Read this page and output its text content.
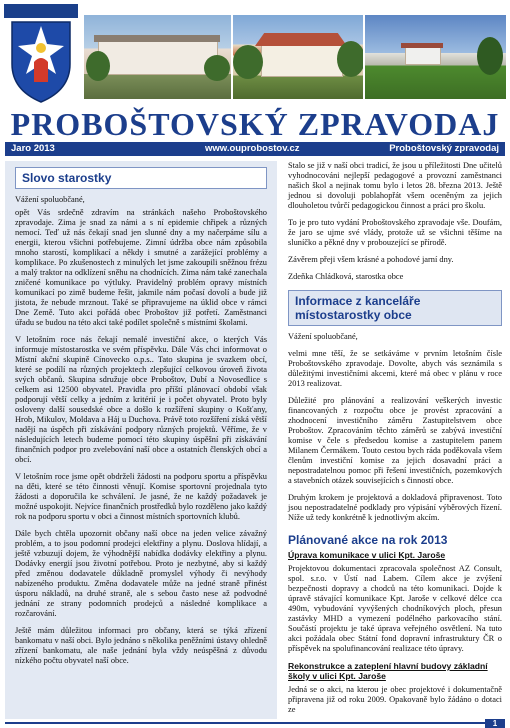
PROBOŠTOVSKÝ ZPRAVODAJ
Jaro 2013	www.ouprobostov.cz	Proboštovský zpravodaj
Slovo starostky

Vážení spoluobčané,

opět Vás srdečně zdravím na stránkách našeho Proboštovského zpravodaje. Zima je snad za námi a s ní epidemie chřipek a různých nemocí. Teď už nás čekají snad jen slunné dny a my načerpáme sílu a energii, kterou všichni potřebujeme. Zimní údržba obce nám způsobila mnoho starostí, komplikací a někdy i smutné a zarážející problémy a komplikace. Po zkušenostech z minulých let jsme zakoupili sněžnou frézu a malý traktor na odklízení sněhu na chodnících. Zima nám také zanechala zničené komunikace po výtluky. Pravidelný problém opravy místních komunikací po zimě budeme řešit, jakmile nám počasí dovolí a bude již jistota, že nebude mrznout. Také se připravujeme na úklid obce v rámci Dne Země. Tuto akci pořádá obec Proboštov již potřetí. Zaměstnanci úřadu se budou na této akci také podílet společně s místními školami.

V letošním roce nás čekají nemalé investiční akce, o kterých Vás informuje místostarostka ve svém příspěvku. Dále Vás chci informovat o Místní akční skupině Cínovecko o.p.s.. Tato skupina je svazkem obcí, které se podílí na různých projektech zlepšující celkovou úroveň života svých občanů. Skupina sdružuje obce Proboštov, Dubí a Novosedlice s celkem asi 12500 obyvatel. Pravidla pro příští plánovací období však podporují větší celky a jedním z kritérií je i počet obyvatel. Proto byly osloveny další sousedské obce a došlo k rozšíření skupiny o Košťany, Hrob, Mikulov, Moldava a Háj u Duchova. Právě toto rozšíření získá větší nadějí na úspěch při získávání podpory různých projektů. Věříme, že v následujících letech budeme pomocí této skupiny úspěšní při získávání finančních podpor pro zvelebování naší obce a ostatních členských obcí a obcí.

V letošním roce jsme opět obdrželi žádosti na podporu sportu a příspěvku na děti, které se této činnosti věnují. Komise sportovní projednala tyto žádosti a doporučila ke schválení. Je jasné, že ne každý požadavek je možné uspokojit. Nejvíce finančních prostředků bylo rozděleno jako každý rok na podporu sportu v obci a činnost místních sportovních klubů.

Dále bych chtěla upozornit občany naší obce na jeden velice závažný problém, a to jsou podomní prodejci elektřiny a plynu. Doslova hlídají, a ještě vzbuzují dojem, že výhodnější nabídka dodávky elektřiny a plynu. Dodávky energií jsou životní potřebou. Proto je nezbytné, aby si každý před změnou dodavatele důkladně promyslel výhody či nevýhody nabízeného produktu. Změna dodavatele může na jedné straně přinést úsporu nákladů, na druhé straně, ale s sebou často nese až podvodné jednání ze strany podomních prodejců a následné komplikace a rozčarování.

Ještě mám důležitou informaci pro občany, která se týká zřízení bankomatu v naší obci. Bylo jednáno s několika peněžními ústavy ohledně zřízení bankomatu, ale naše jednání byla vždy neúspěšná z důvodu nízkého počtu obyvatel naší obce.

Stalo se již v naší obci tradicí, že jsou u příležitosti Dne učitelů vyhodnocováni nejlepší pedagogové a provozní zaměstnanci našich škol a nejinak tomu bylo i letos 28. března 2013. Ještě jednou si dovoluji poblahopřát všem oceněným za jejich dlouholetou tvůrčí pedagogickou činnost a práci pro školu.

To je pro tuto vydání Proboštovského zpravodaje vše. Doufám, že jaro se ujme své vlády, protože už se všichni těšíme na sluníčko a pěkné dny v probouzející se přírodě.

Závěrem přeji všem krásné a pohodové jarní dny.

Zdeňka Chládková, starostka obce

Informace z kanceláře místostarostky obce

Vážení spoluobčané,

velmi mne těší, že se setkáváme v prvním letošním čísle Proboštovského zpravodaje. Dovolte, abych vás seznámila s důležitými investičními akcemi, které má obec v plánu v roce 2013 realizovat.

Důležité pro plánování a realizování veškerých investic financovaných z rozpočtu obce je provést zpracování a zhodnocení investičního záměru Zastupitelstvem obce Proboštov. Zpracováním těchto záměrů se zabývá investiční komise v čele s předsedou komise a zastupitelem panem Milanem Čermákem. Touto cestou bych ráda poděkovala všem členům investiční komise za jejich dosavadní práci a nepostradatelnou pomoc při řešení investičních, pozemkových a stavebních otázek souvisejících s činností obce.

Druhým krokem je projektová a dokladová připravenost. Toto jsou nepostradatelné podklady pro výpisání výběrových řízení. Níže už tedy konkrétně k jednotlivým akcím.

Plánované akce na rok 2013
Úprava komunikace v ulici Kpt. Jaroše

Projektovou dokumentaci zpracovala společnost AZ Consult, spol. s.r.o. v Ústí nad Labem. Cílem akce je zvýšení bezpečnosti dopravy a chodců na této komunikaci. Dojde k úpravě stávající komunikace Kpt. Jaroše v celkové délce cca 490m, vybudování vyvýšených chodníkových ploch, přesun zastávky MHD a vymezení podélného parkovacího stání. Součástí projektu je také úprava veřejného osvětlení. Na tuto akci požádala obec Státní fond dopravní infrastruktury ČR o příspěvek na spolufinancování realizace této úpravy.

Rekonstrukce a zateplení hlavní budovy základní školy v ulici Kpt. Jaroše

Jedná se o akci, na kterou je obec projektové i dokumentačně připravena již od roku 2009. Opakovaně bylo žádáno o dotaci ze

1
